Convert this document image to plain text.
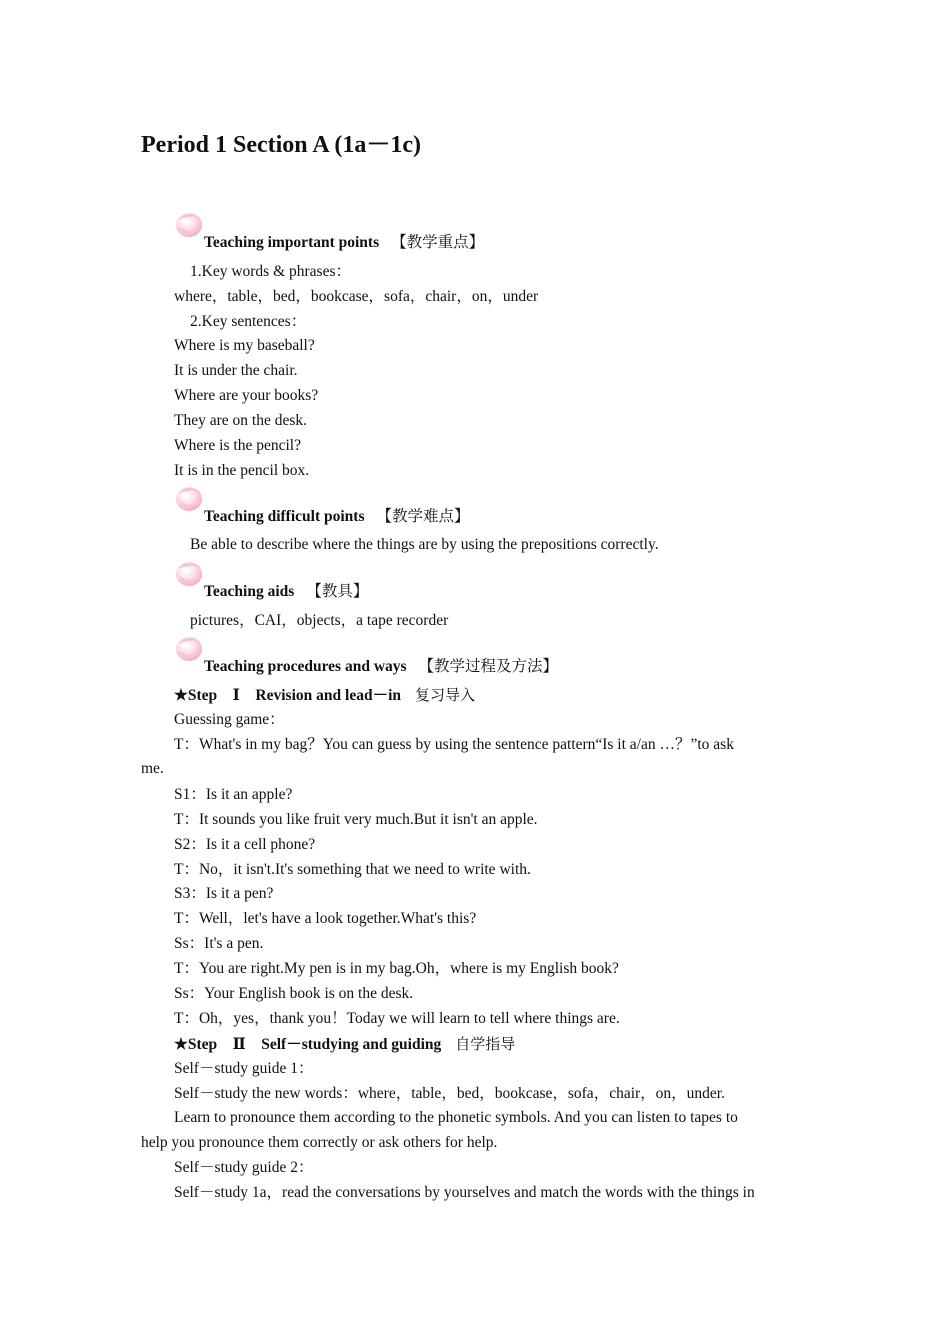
Period 1 Section A (1a－1c)
Teaching important points 【教学重点】
1.Key words & phrases：
where，table，bed，bookcase，sofa，chair，on，under
2.Key sentences：
Where is my baseball?
It is under the chair.
Where are your books?
They are on the desk.
Where is the pencil?
It is in the pencil box.
Teaching difficult points 【教学难点】
Be able to describe where the things are by using the prepositions correctly.
Teaching aids 【教具】
pictures，CAI，objects，a tape recorder
Teaching procedures and ways 【教学过程及方法】
★Step　Ⅰ　Revision and lead－in 复习导入
Guessing game：
T：What's in my bag？You can guess by using the sentence pattern“Is it a/an …？”to ask
me.
S1：Is it an apple?
T：It sounds you like fruit very much.But it isn't an apple.
S2：Is it a cell phone?
T：No，it isn't.It's something that we need to write with.
S3：Is it a pen?
T：Well，let's have a look together.What's this?
Ss：It's a pen.
T：You are right.My pen is in my bag.Oh，where is my English book?
Ss：Your English book is on the desk.
T：Oh，yes，thank you！Today we will learn to tell where things are.
★Step　Ⅱ　Self－studying and guiding 自学指导
Self－study guide 1：
Self－study the new words：where，table，bed，bookcase，sofa，chair，on，under.
Learn to pronounce them according to the phonetic symbols. And you can listen to tapes to
help you pronounce them correctly or ask others for help.
Self－study guide 2：
Self－study 1a，read the conversations by yourselves and match the words with the things in
